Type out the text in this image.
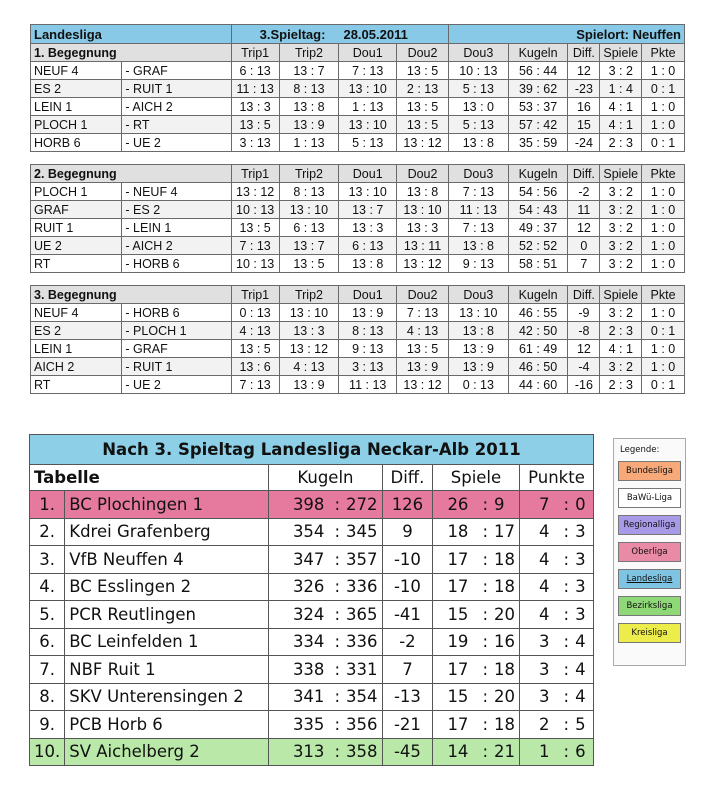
Landesliga		3.Spieltag: 28.05.2011				Spielort: Neuffen				
1. Begegnung		Trip1	Trip2	Dou1	Dou2	Dou3	Kugeln	Diff.	Spiele	Pkte
NEUF 4	- GRAF	6 : 13	13 : 7	7 : 13	13 : 5	10 : 13	56 : 44	12	3 : 2	1 : 0
ES 2	- RUIT 1	11 : 13	8 : 13	13 : 10	2 : 13	5 : 13	39 : 62	-23	1 : 4	0 : 1
LEIN 1	- AICH 2	13 : 3	13 : 8	1 : 13	13 : 5	13 : 0	53 : 37	16	4 : 1	1 : 0
PLOCH 1	- RT	13 : 5	13 : 9	13 : 10	13 : 5	5 : 13	57 : 42	15	4 : 1	1 : 0
HORB 6	- UE 2	3 : 13	1 : 13	5 : 13	13 : 12	13 : 8	35 : 59	-24	2 : 3	0 : 1

2. Begegnung		Trip1	Trip2	Dou1	Dou2	Dou3	Kugeln	Diff.	Spiele	Pkte
PLOCH 1	- NEUF 4	13 : 12	8 : 13	13 : 10	13 : 8	7 : 13	54 : 56	-2	3 : 2	1 : 0
GRAF	- ES 2	10 : 13	13 : 10	13 : 7	13 : 10	11 : 13	54 : 43	11	3 : 2	1 : 0
RUIT 1	- LEIN 1	13 : 5	6 : 13	13 : 3	13 : 3	7 : 13	49 : 37	12	3 : 2	1 : 0
UE 2	- AICH 2	7 : 13	13 : 7	6 : 13	13 : 11	13 : 8	52 : 52	0	3 : 2	1 : 0
RT	- HORB 6	10 : 13	13 : 5	13 : 8	13 : 12	9 : 13	58 : 51	7	3 : 2	1 : 0

3. Begegnung		Trip1	Trip2	Dou1	Dou2	Dou3	Kugeln	Diff.	Spiele	Pkte
NEUF 4	- HORB 6	0 : 13	13 : 10	13 : 9	7 : 13	13 : 10	46 : 55	-9	3 : 2	1 : 0
ES 2	- PLOCH 1	4 : 13	13 : 3	8 : 13	4 : 13	13 : 8	42 : 50	-8	2 : 3	0 : 1
LEIN 1	- GRAF	13 : 5	13 : 12	9 : 13	13 : 5	13 : 9	61 : 49	12	4 : 1	1 : 0
AICH 2	- RUIT 1	13 : 6	4 : 13	3 : 13	13 : 9	13 : 9	46 : 50	-4	3 : 2	1 : 0
RT	- UE 2	7 : 13	13 : 9	11 : 13	13 : 12	0 : 13	44 : 60	-16	2 : 3	0 : 1
Nach 3. Spieltag Landesliga Neckar-Alb 2011								
Tabelle		Kugeln		Diff.	Spiele		Punkte	
1.	BC Plochingen 1	398	: 272	126	26	: 9	7	: 0
2.	Kdrei Grafenberg	354	: 345	9	18	: 17	4	: 3
3.	VfB Neuffen 4	347	: 357	-10	17	: 18	4	: 3
4.	BC Esslingen 2	326	: 336	-10	17	: 18	4	: 3
5.	PCR Reutlingen	324	: 365	-41	15	: 20	4	: 3
6.	BC Leinfelden 1	334	: 336	-2	19	: 16	3	: 4
7.	NBF Ruit 1	338	: 331	7	17	: 18	3	: 4
8.	SKV Unterensingen 2	341	: 354	-13	15	: 20	3	: 4
9.	PCB Horb 6	335	: 356	-21	17	: 18	2	: 5
10.	SV Aichelberg 2	313	: 358	-45	14	: 21	1	: 6
Legende:
Bundesliga
BaWü-Liga
Regionalliga
Oberliga
Landesliga
Bezirksliga
Kreisliga
